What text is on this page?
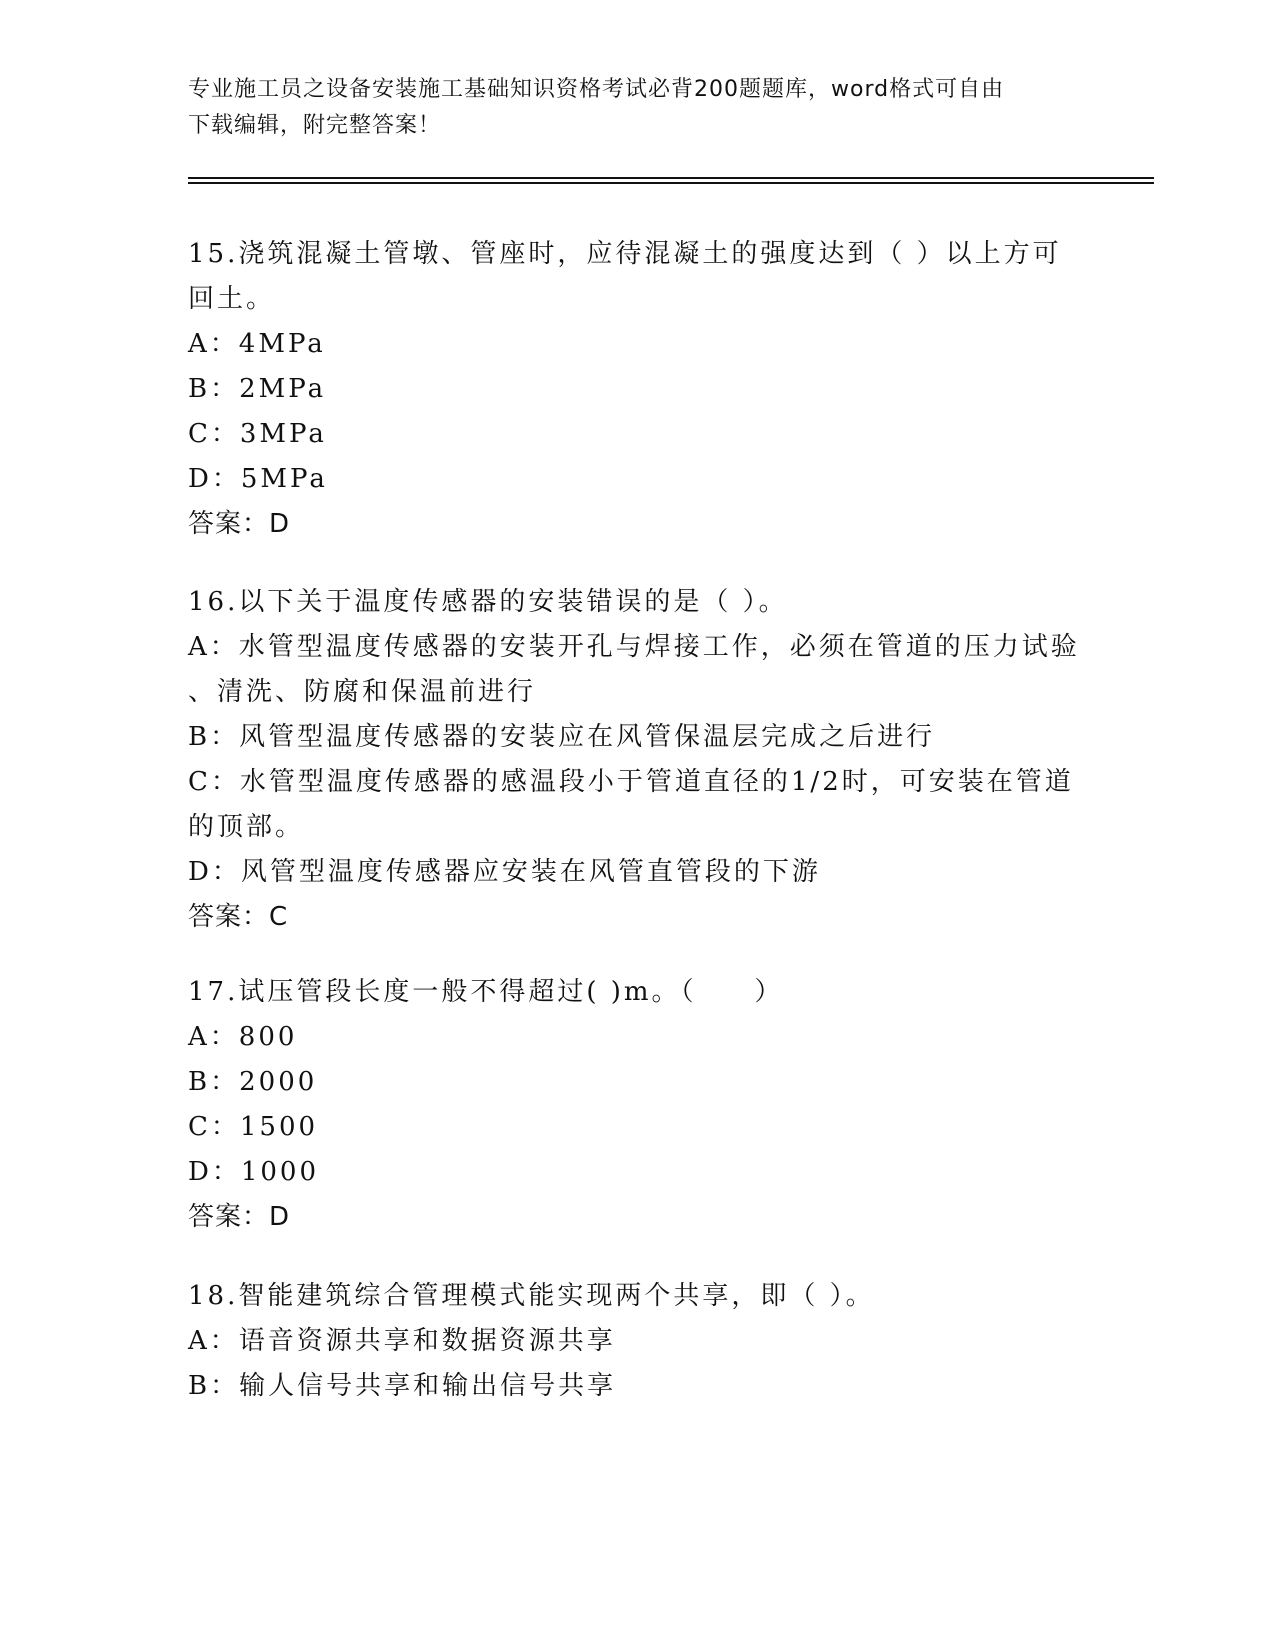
专业施工员之设备安装施工基础知识资格考试必背200题题库，word格式可自由
下载编辑，附完整答案！
15.浇筑混凝土管墩、管座时，应待混凝土的强度达到（ ）以上方可
回土。
A：4MPa
B：2MPa
C：3MPa
D：5MPa
答案：D
16.以下关于温度传感器的安装错误的是（ ）。
A：水管型温度传感器的安装开孔与焊接工作，必须在管道的压力试验
、清洗、防腐和保温前进行
B：风管型温度传感器的安装应在风管保温层完成之后进行
C：水管型温度传感器的感温段小于管道直径的1/2时，可安装在管道
的顶部。
D：风管型温度传感器应安装在风管直管段的下游
答案：C
17.试压管段长度一般不得超过( )m。（　　）
A：800
B：2000
C：1500
D：1000
答案：D
18.智能建筑综合管理模式能实现两个共享，即（ ）。
A：语音资源共享和数据资源共享
B：输人信号共享和输出信号共享
